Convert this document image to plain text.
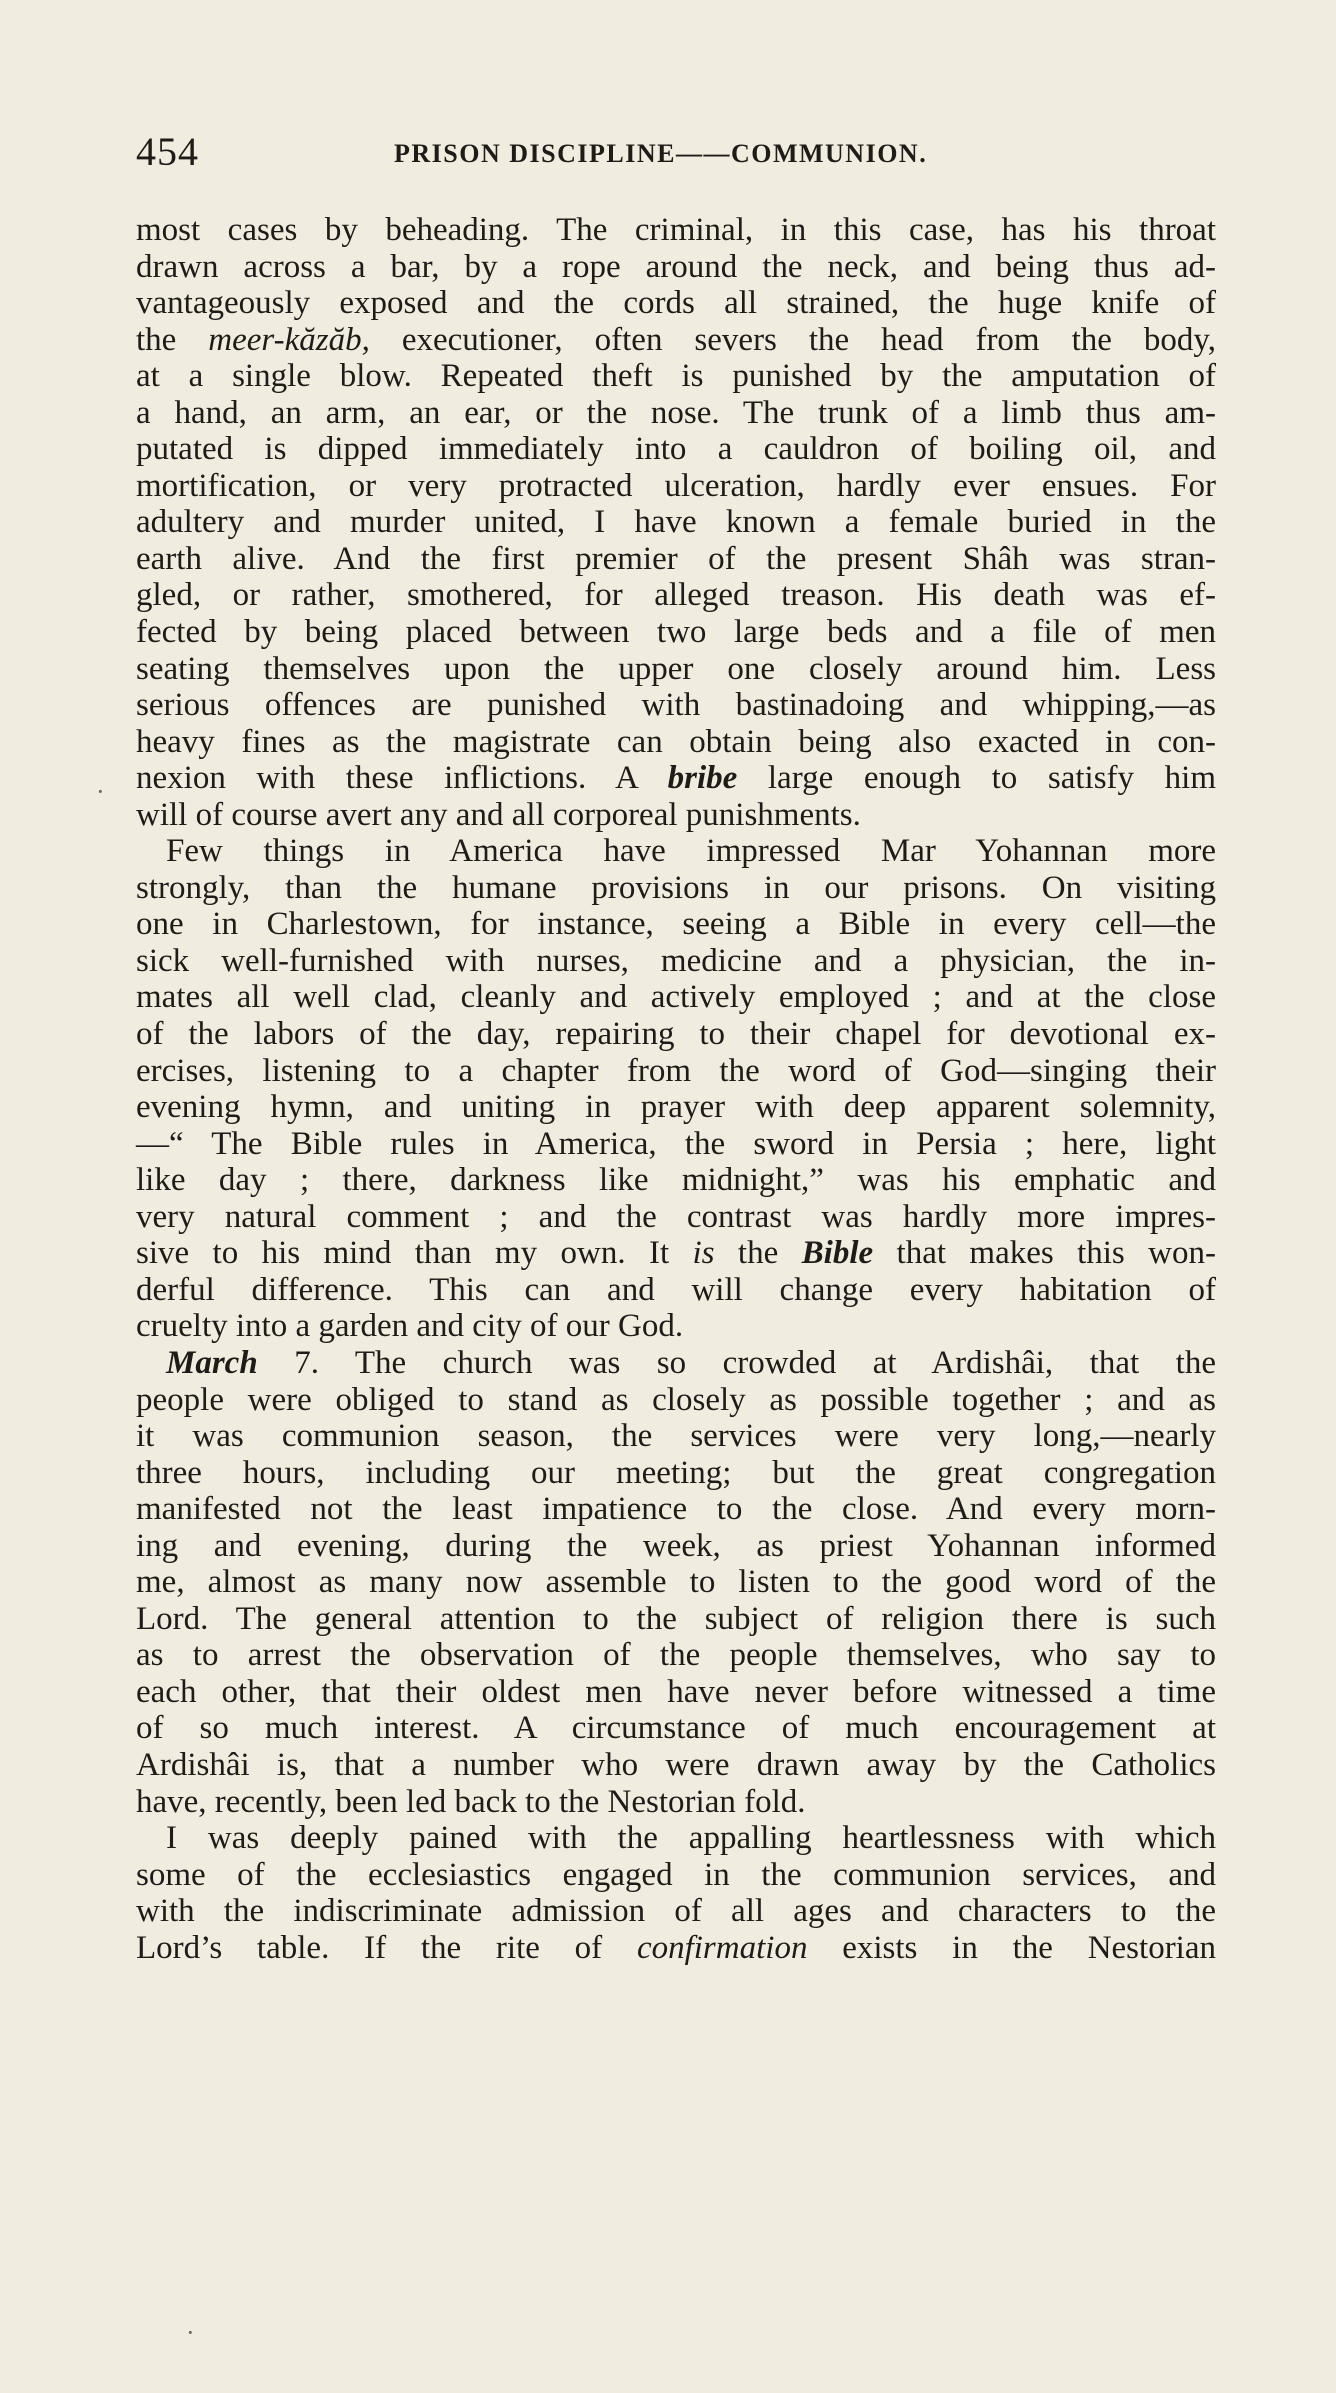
454	PRISON DISCIPLINE——COMMUNION.
most cases by beheading. The criminal, in this case, has his throat
drawn across a bar, by a rope around the neck, and being thus ad-
vantageously exposed and the cords all strained, the huge knife of
the meer-kăzăb, executioner, often severs the head from the body,
at a single blow. Repeated theft is punished by the amputation of
a hand, an arm, an ear, or the nose. The trunk of a limb thus am-
putated is dipped immediately into a cauldron of boiling oil, and
mortification, or very protracted ulceration, hardly ever ensues. For
adultery and murder united, I have known a female buried in the
earth alive. And the first premier of the present Shâh was stran-
gled, or rather, smothered, for alleged treason. His death was ef-
fected by being placed between two large beds and a file of men
seating themselves upon the upper one closely around him. Less
serious offences are punished with bastinadoing and whipping,—as
heavy fines as the magistrate can obtain being also exacted in con-
nexion with these inflictions. A bribe large enough to satisfy him
will of course avert any and all corporeal punishments.
Few things in America have impressed Mar Yohannan more
strongly, than the humane provisions in our prisons. On visiting
one in Charlestown, for instance, seeing a Bible in every cell—the
sick well-furnished with nurses, medicine and a physician, the in-
mates all well clad, cleanly and actively employed ; and at the close
of the labors of the day, repairing to their chapel for devotional ex-
ercises, listening to a chapter from the word of God—singing their
evening hymn, and uniting in prayer with deep apparent solemnity,
—“ The Bible rules in America, the sword in Persia ; here, light
like day ; there, darkness like midnight,” was his emphatic and
very natural comment ; and the contrast was hardly more impres-
sive to his mind than my own. It is the Bible that makes this won-
derful difference. This can and will change every habitation of
cruelty into a garden and city of our God.
March 7. The church was so crowded at Ardishâi, that the
people were obliged to stand as closely as possible together ; and as
it was communion season, the services were very long,—nearly
three hours, including our meeting; but the great congregation
manifested not the least impatience to the close. And every morn-
ing and evening, during the week, as priest Yohannan informed
me, almost as many now assemble to listen to the good word of the
Lord. The general attention to the subject of religion there is such
as to arrest the observation of the people themselves, who say to
each other, that their oldest men have never before witnessed a time
of so much interest. A circumstance of much encouragement at
Ardishâi is, that a number who were drawn away by the Catholics
have, recently, been led back to the Nestorian fold.
I was deeply pained with the appalling heartlessness with which
some of the ecclesiastics engaged in the communion services, and
with the indiscriminate admission of all ages and characters to the
Lord’s table. If the rite of confirmation exists in the Nestorian
·
·
